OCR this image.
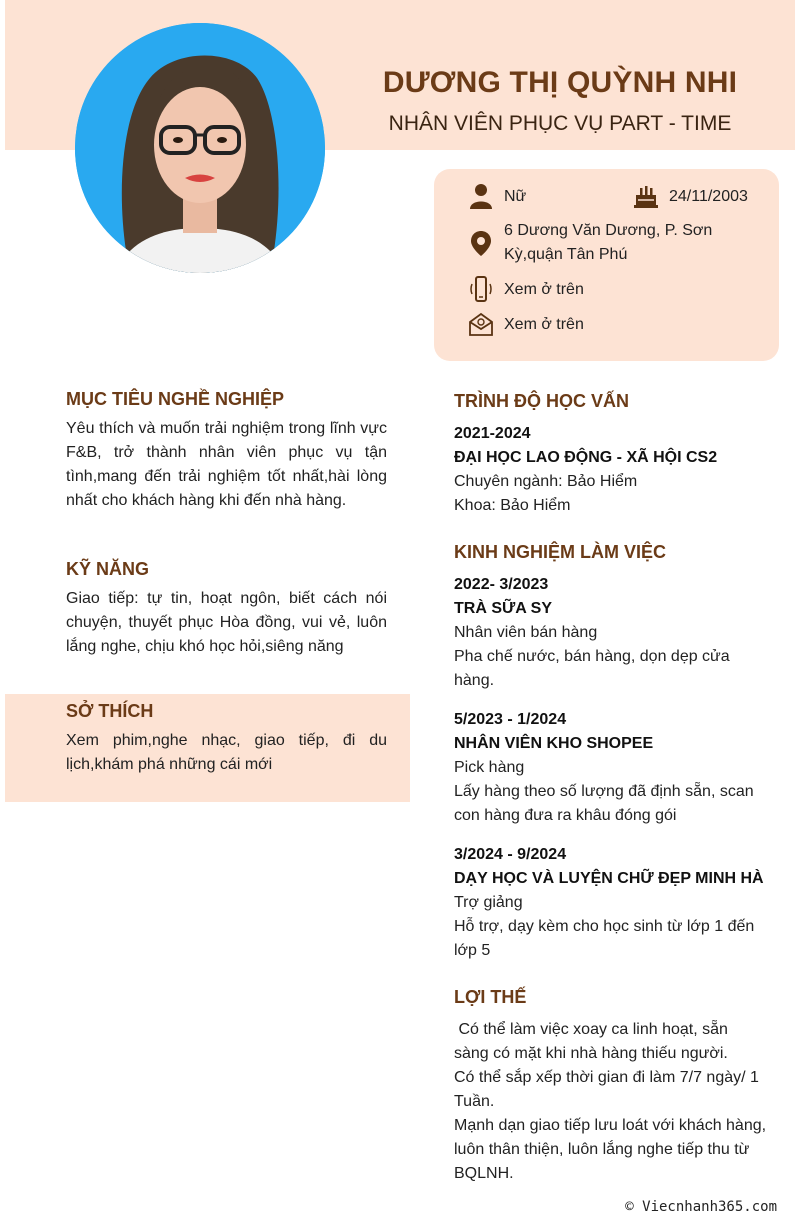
DƯƠNG THỊ QUỲNH NHI
NHÂN VIÊN PHỤC VỤ PART - TIME
Nữ	24/11/2003
6 Dương Văn Dương, P. Sơn Kỳ,quận Tân Phú
Xem ở trên
Xem ở trên
MỤC TIÊU NGHỀ NGHIỆP
Yêu thích và muốn trải nghiệm trong lĩnh vực F&B, trở thành nhân viên phục vụ tận tình,mang đến trải nghiệm tốt nhất,hài lòng nhất cho khách hàng khi đến nhà hàng.
KỸ NĂNG
Giao tiếp: tự tin, hoạt ngôn, biết cách nói chuyện, thuyết phục Hòa đồng, vui vẻ, luôn lắng nghe, chịu khó học hỏi,siêng năng
SỞ THÍCH
Xem phim,nghe nhạc, giao tiếp, đi du lịch,khám phá những cái mới
TRÌNH ĐỘ HỌC VẤN
2021-2024
ĐẠI HỌC LAO ĐỘNG - XÃ HỘI CS2
Chuyên ngành: Bảo Hiểm
Khoa: Bảo Hiểm
KINH NGHIỆM LÀM VIỆC
2022- 3/2023
TRÀ SỮA SY
Nhân viên bán hàng
Pha chế nước, bán hàng, dọn dẹp cửa hàng.
5/2023 - 1/2024
NHÂN VIÊN KHO SHOPEE
Pick hàng
Lấy hàng theo số lượng đã định sẵn, scan con hàng đưa ra khâu đóng gói
3/2024 - 9/2024
DẠY HỌC VÀ LUYỆN CHỮ ĐẸP MINH HÀ
Trợ giảng
Hỗ trợ, dạy kèm cho học sinh từ lớp 1 đến lớp 5
LỢI THẾ
Có thể làm việc xoay ca linh hoạt, sẵn sàng có mặt khi nhà hàng thiếu người.
Có thể sắp xếp thời gian đi làm 7/7 ngày/ 1 Tuần.
Mạnh dạn giao tiếp lưu loát với khách hàng, luôn thân thiện, luôn lắng nghe tiếp thu từ BQLNH.
© Viecnhanh365.com
